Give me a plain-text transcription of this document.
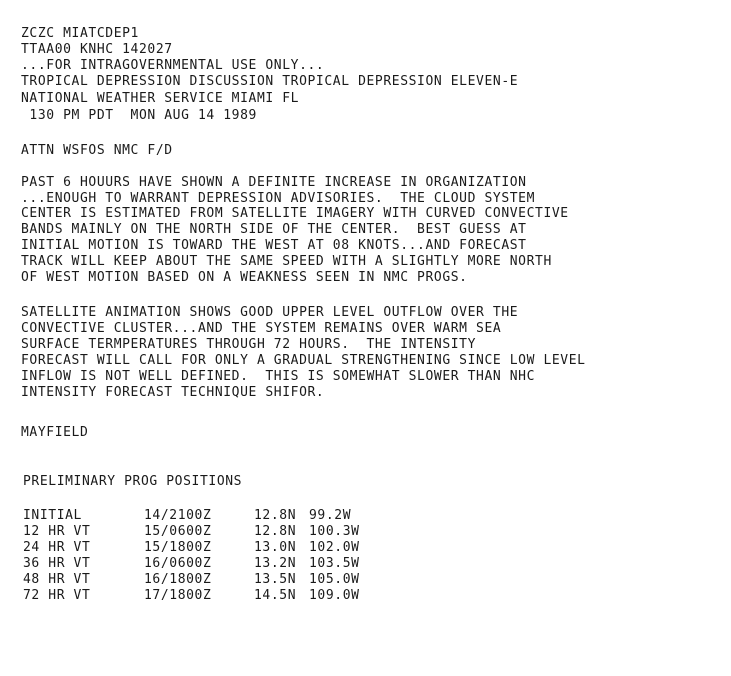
ZCZC MIATCDEP1
TTAA00 KNHC 142027
...FOR INTRAGOVERNMENTAL USE ONLY...
TROPICAL DEPRESSION DISCUSSION TROPICAL DEPRESSION ELEVEN-E
NATIONAL WEATHER SERVICE MIAMI FL
130 PM PDT  MON AUG 14 1989
ATTN WSFOS NMC F/D
PAST 6 HOUURS HAVE SHOWN A DEFINITE INCREASE IN ORGANIZATION
...ENOUGH TO WARRANT DEPRESSION ADVISORIES.  THE CLOUD SYSTEM
CENTER IS ESTIMATED FROM SATELLITE IMAGERY WITH CURVED CONVECTIVE
BANDS MAINLY ON THE NORTH SIDE OF THE CENTER.  BEST GUESS AT
INITIAL MOTION IS TOWARD THE WEST AT 08 KNOTS...AND FORECAST
TRACK WILL KEEP ABOUT THE SAME SPEED WITH A SLIGHTLY MORE NORTH
OF WEST MOTION BASED ON A WEAKNESS SEEN IN NMC PROGS.
SATELLITE ANIMATION SHOWS GOOD UPPER LEVEL OUTFLOW OVER THE
CONVECTIVE CLUSTER...AND THE SYSTEM REMAINS OVER WARM SEA
SURFACE TERMPERATURES THROUGH 72 HOURS.  THE INTENSITY
FORECAST WILL CALL FOR ONLY A GRADUAL STRENGTHENING SINCE LOW LEVEL
INFLOW IS NOT WELL DEFINED.  THIS IS SOMEWHAT SLOWER THAN NHC
INTENSITY FORECAST TECHNIQUE SHIFOR.
MAYFIELD
PRELIMINARY PROG POSITIONS
INITIAL	14/2100Z	12.8N 99.2W
12 HR VT	15/0600Z	12.8N 100.3W
24 HR VT	15/1800Z	13.0N 102.0W
36 HR VT	16/0600Z	13.2N 103.5W
48 HR VT	16/1800Z	13.5N 105.0W
72 HR VT	17/1800Z	14.5N 109.0W
